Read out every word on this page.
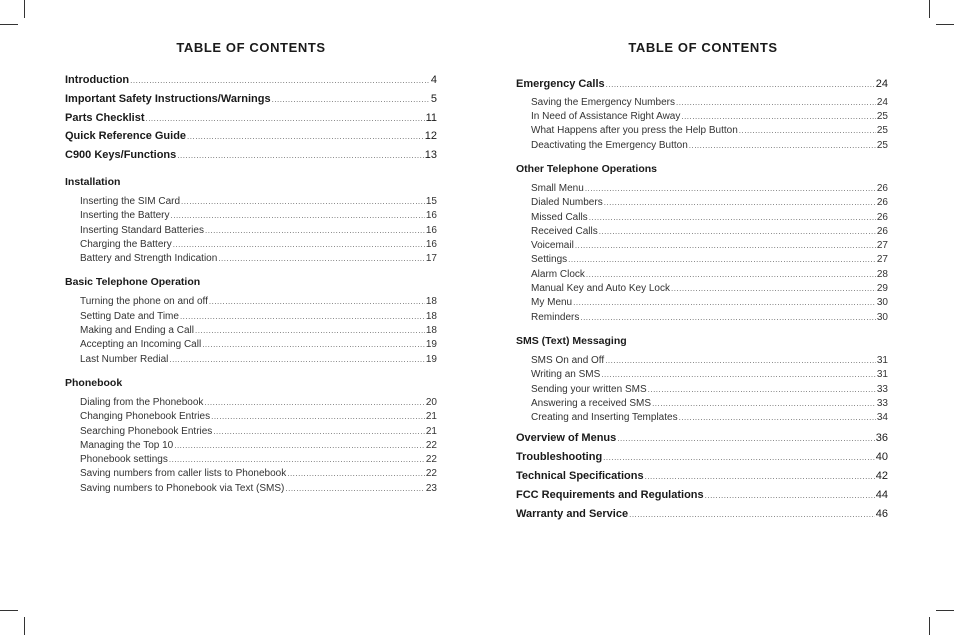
TABLE OF CONTENTS
Introduction .....	4
Important Safety Instructions/Warnings .....	5
Parts Checklist .....	11
Quick Reference Guide .....	12
C900 Keys/Functions .....	13
Installation
Inserting the SIM Card .....	15
Inserting the Battery .....	16
Inserting Standard Batteries .....	16
Charging the Battery .....	16
Battery and Strength Indication .....	17
Basic Telephone Operation
Turning the phone on and off .....	18
Setting Date and Time .....	18
Making and Ending a Call .....	18
Accepting an Incoming Call .....	19
Last Number Redial .....	19
Phonebook
Dialing from the Phonebook .....	20
Changing Phonebook Entries .....	21
Searching Phonebook Entries .....	21
Managing the Top 10 .....	22
Phonebook settings .....	22
Saving numbers from caller lists to Phonebook .....	22
Saving numbers to Phonebook via Text (SMS) .....	23
TABLE OF CONTENTS
Emergency Calls .....	24
Saving the Emergency Numbers .....	24
In Need of Assistance Right Away .....	25
What Happens after you press the Help Button .....	25
Deactivating the Emergency Button .....	25
Other Telephone Operations
Small Menu .....	26
Dialed Numbers .....	26
Missed Calls .....	26
Received Calls .....	26
Voicemail .....	27
Settings .....	27
Alarm Clock .....	28
Manual Key and Auto Key Lock .....	29
My Menu .....	30
Reminders .....	30
SMS (Text) Messaging
SMS On and Off .....	31
Writing an SMS .....	31
Sending your written SMS .....	33
Answering a received SMS .....	33
Creating and Inserting Templates .....	34
Overview of Menus .....	36
Troubleshooting .....	40
Technical Specifications .....	42
FCC Requirements and Regulations .....	44
Warranty and Service .....	46
